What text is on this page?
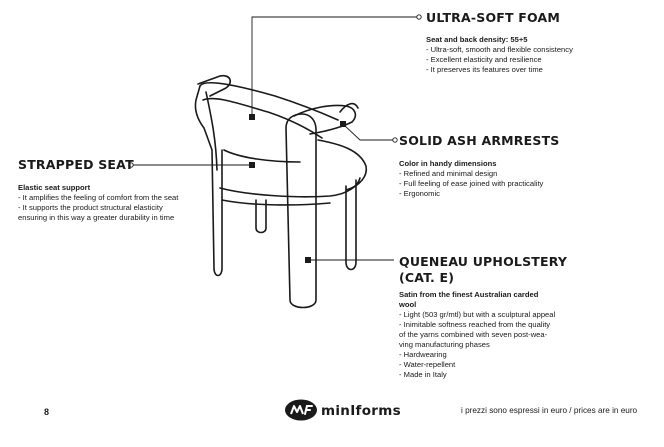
ULTRA-SOFT FOAM
Seat and back density: 55+5
- Ultra-soft, smooth and flexible consistency
- Excellent elasticity and resilience
- It preserves its features over time
SOLID ASH ARMRESTS
Color in handy dimensions
- Refined and minimal design
- Full feeling of ease joined with practicality
- Ergonomic
STRAPPED SEAT
Elastic seat support
- It amplifies the feeling of comfort from the seat
- It supports the product structural elasticity
ensuring in this way a greater durability in time
QUENEAU UPHOLSTERY
(CAT. E)
Satin from the finest Australian carded
wool
- Light (503 gr/mtl) but with a sculptural appeal
- Inimitable softness reached from the quality
of the yarns combined with seven post-wea-
ving manufacturing phases
- Hardwearing
- Water-repellent
- Made in Italy
8	minIforms	i prezzi sono espressi in euro / prices are in euro
